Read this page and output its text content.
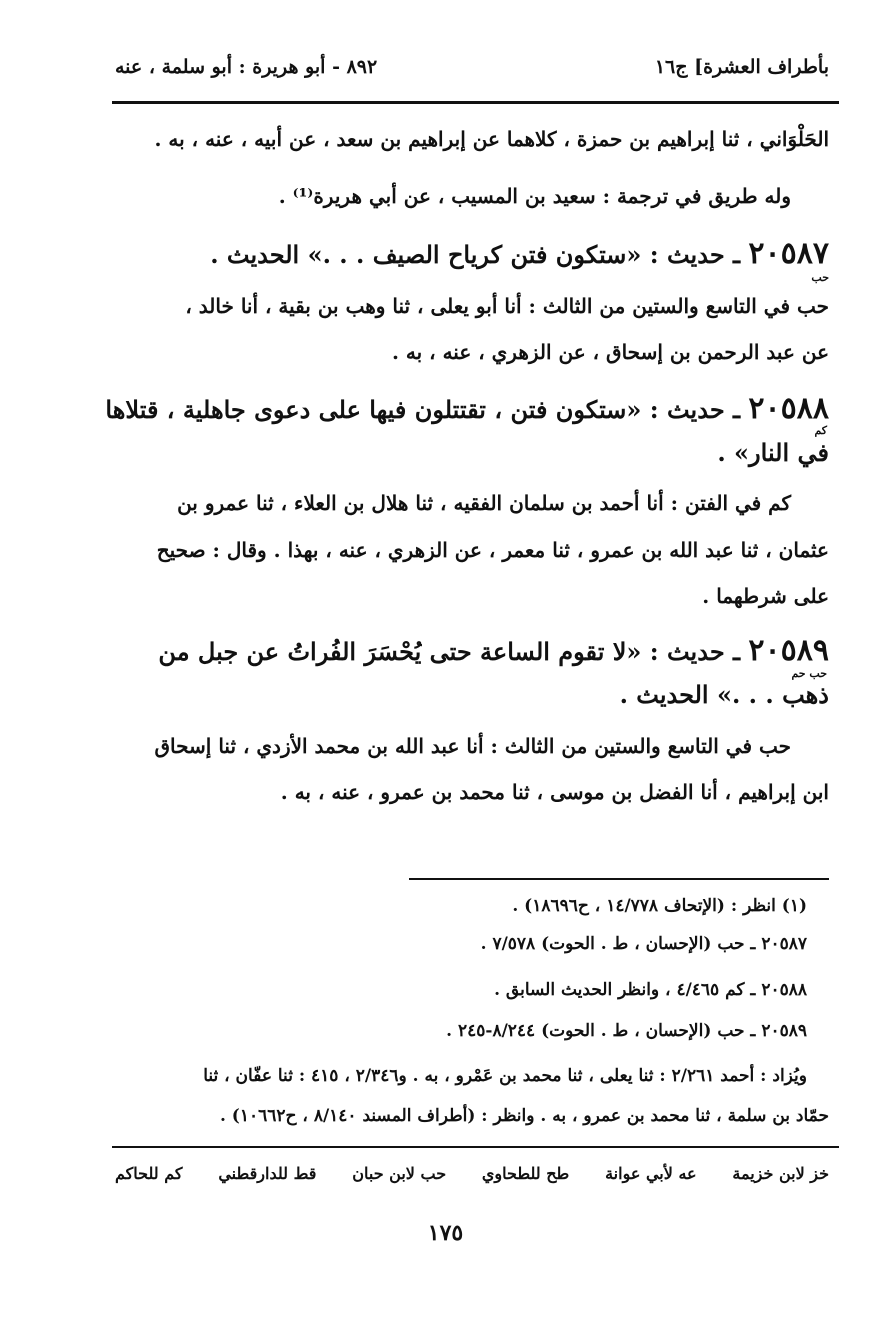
بأطراف العشرة] ج١٦
٨٩٢ - أبو هريرة : أبو سلمة ، عنه
الحَلْوَاني ، ثنا إبراهيم بن حمزة ، كلاهما عن إبراهيم بن سعد ، عن أبيه ، عنه ، به .
وله طريق في ترجمة : سعيد بن المسيب ، عن أبي هريرة⁽¹⁾ .
٢٠٥٨٧ ـ حديث : «ستكون فتن كرياح الصيف . . .» الحديث .
حب
حب في التاسع والستين من الثالث : أنا أبو يعلى ، ثنا وهب بن بقية ، أنا خالد ،
عن عبد الرحمن بن إسحاق ، عن الزهري ، عنه ، به .
٢٠٥٨٨ ـ حديث : «ستكون فتن ، تقتتلون فيها على دعوى جاهلية ، قتلاها
كم
في النار» .
كم في الفتن : أنا أحمد بن سلمان الفقيه ، ثنا هلال بن العلاء ، ثنا عمرو بن
عثمان ، ثنا عبد الله بن عمرو ، ثنا معمر ، عن الزهري ، عنه ، بهذا . وقال : صحيح
على شرطهما .
٢٠٥٨٩ ـ حديث : «لا تقوم الساعة حتى يُحْسَرَ الفُراتُ عن جبل من
حب حم
ذهب . . .» الحديث .
حب في التاسع والستين من الثالث : أنا عبد الله بن محمد الأزدي ، ثنا إسحاق
ابن إبراهيم ، أنا الفضل بن موسى ، ثنا محمد بن عمرو ، عنه ، به .
(١) انظر : (الإتحاف ١٤/٧٧٨ ، ح١٨٦٩٦) .
٢٠٥٨٧ ـ حب (الإحسان ، ط . الحوت) ٧/٥٧٨ .
٢٠٥٨٨ ـ كم ٤/٤٦٥ ، وانظر الحديث السابق .
٢٠٥٨٩ ـ حب (الإحسان ، ط . الحوت) ٨/٢٤٤-٢٤٥ .
ويُزاد : أحمد ٢/٢٦١ : ثنا يعلى ، ثنا محمد بن عَمْرو ، به . و٢/٣٤٦ ، ٤١٥ : ثنا عفّان ، ثنا
حمّاد بن سلمة ، ثنا محمد بن عمرو ، به . وانظر : (أطراف المسند ٨/١٤٠ ، ح١٠٦٦٢) .
خز لابن خزيمة
عه لأبي عوانة
طح للطحاوي
حب لابن حبان
قط للدارقطني
كم للحاكم
١٧٥
